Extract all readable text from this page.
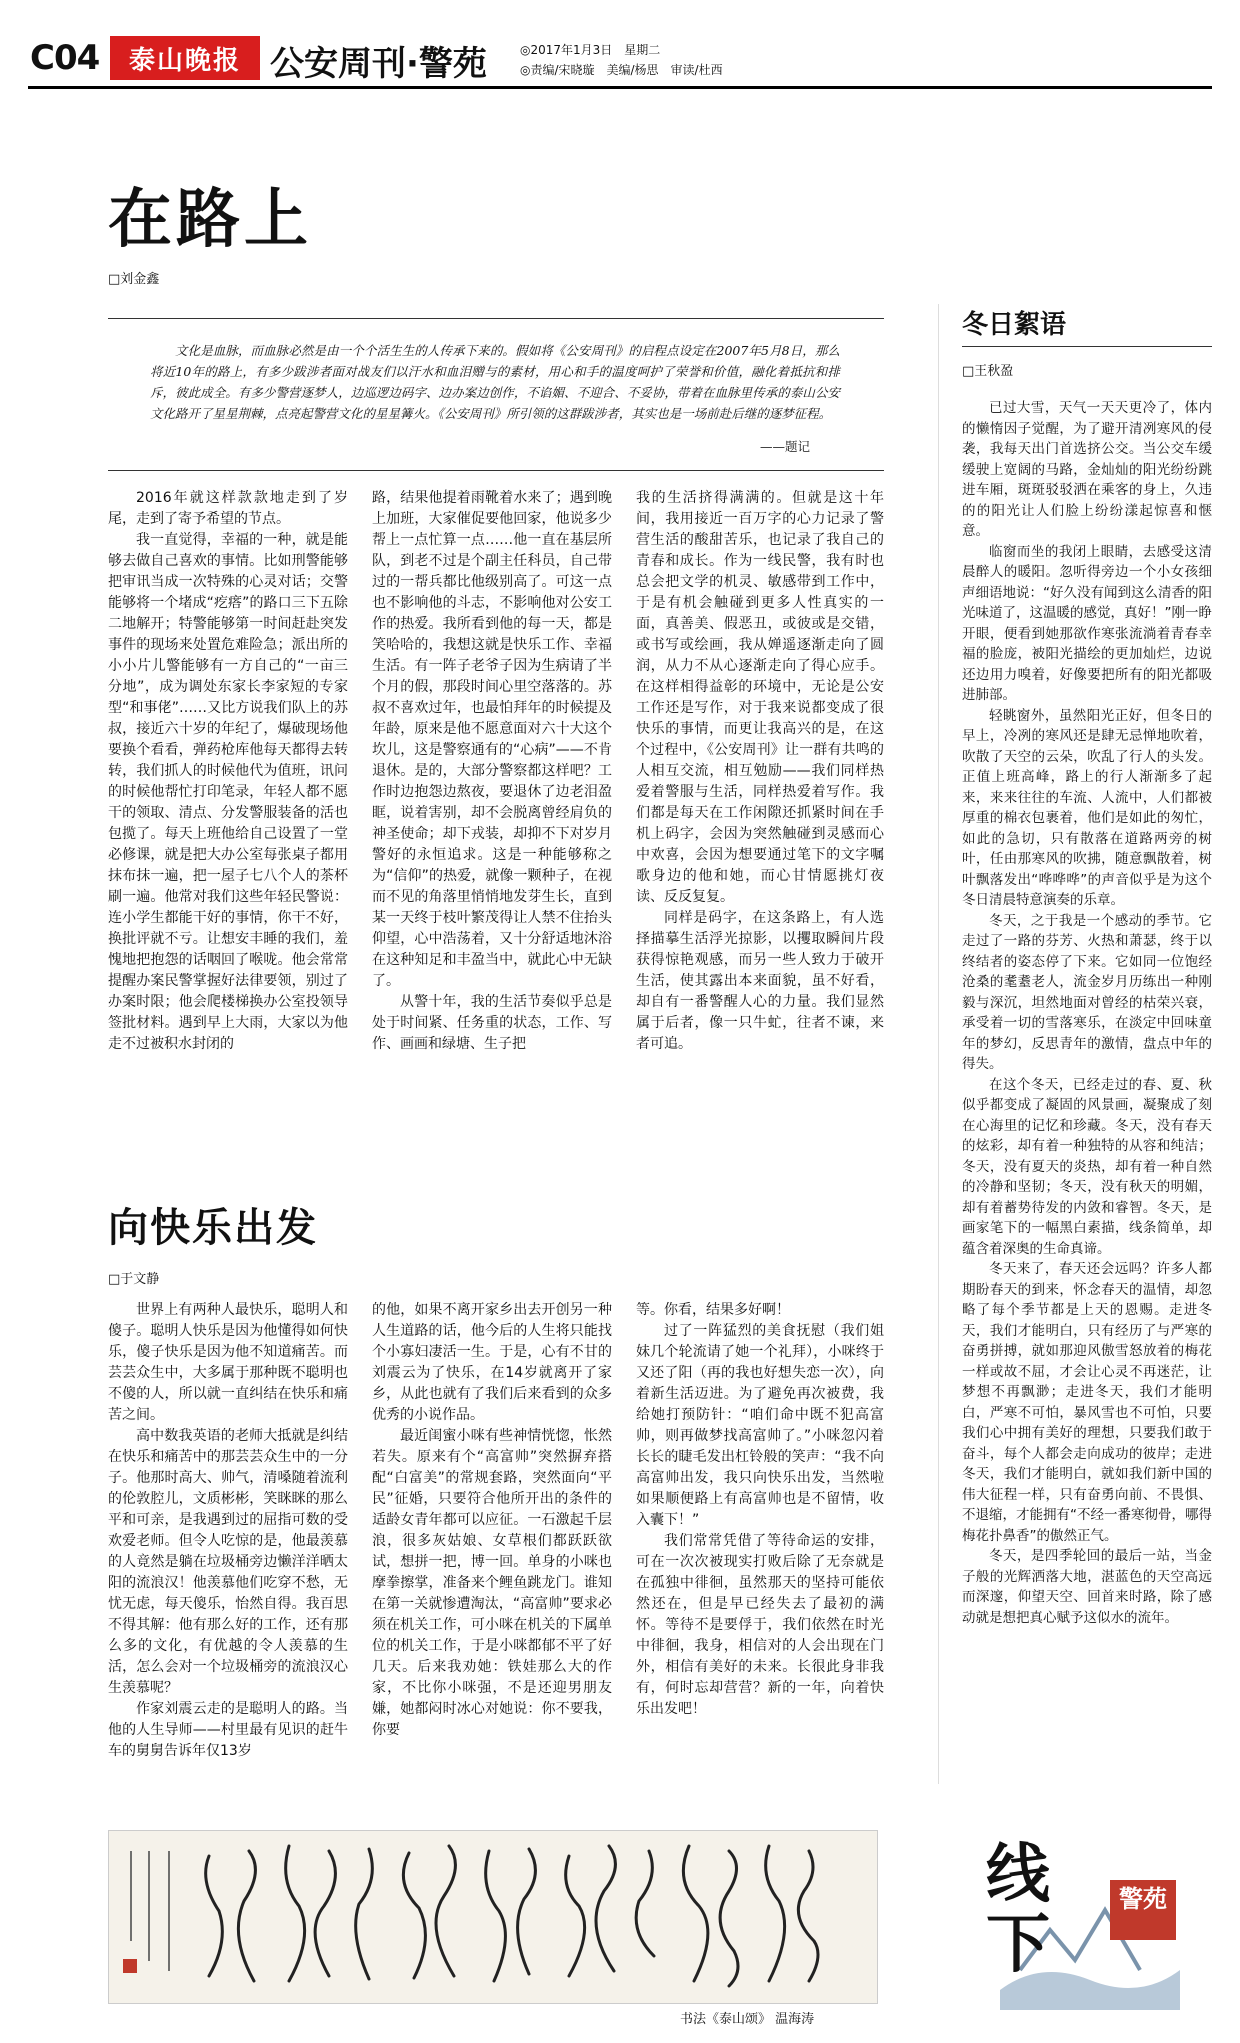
C04	泰山晚报 公安周刊·警苑	◎2017年1月3日　星期二
◎责编/宋晓璇　美编/杨思　审读/杜西
在路上
□刘金鑫
文化是血脉，而血脉必然是由一个个活生生的人传承下来的。假如将《公安周刊》的启程点设定在2007年5月8日，那么将近10年的路上，有多少跋涉者面对战友们以汗水和血泪赠与的素材，用心和手的温度呵护了荣誉和价值，融化着抵抗和排斥，彼此成全。有多少警营逐梦人，边巡逻边码字、边办案边创作，不谄媚、不迎合、不妥协，带着在血脉里传承的泰山公安文化路开了星星荆棘，点亮起警营文化的星星篝火。《公安周刊》所引领的这群跋涉者，其实也是一场前赴后继的逐梦征程。
——题记

2016年就这样款款地走到了岁尾，走到了寄予希望的节点。

我一直觉得，幸福的一种，就是能够去做自己喜欢的事情。比如刑警能够把审讯当成一次特殊的心灵对话；交警能够将一个堵成“疙瘩”的路口三下五除二地解开；特警能够第一时间赶赴突发事件的现场来处置危难险急；派出所的小小片儿警能够有一方自己的“一亩三分地”，成为调处东家长李家短的专家型“和事佬”……又比方说我们队上的苏叔，接近六十岁的年纪了，爆破现场他要换个看看，弹药枪库他每天都得去转转，我们抓人的时候他代为值班，讯问的时候他帮忙打印笔录，年轻人都不愿干的领取、清点、分发警服装备的活也包揽了。每天上班他给自己设置了一堂必修课，就是把大办公室每张桌子都用抹布抹一遍，把一屋子七八个人的茶杯刷一遍。他常对我们这些年轻民警说：连小学生都能干好的事情，你干不好，换批评就不亏。让想安丰睡的我们，羞愧地把抱怨的话咽回了喉咙。他会常常提醒办案民警掌握好法律要领，别过了办案时限；他会爬楼梯换办公室投领导签批材料。遇到早上大雨，大家以为他走不过被积水封闭的

路，结果他提着雨靴着水来了；遇到晚上加班，大家催促要他回家，他说多少帮上一点忙算一点……他一直在基层所队，到老不过是个副主任科员，自己带过的一帮兵都比他级别高了。可这一点也不影响他的斗志，不影响他对公安工作的热爱。我所看到他的每一天，都是笑哈哈的，我想这就是快乐工作、幸福生活。有一阵子老爷子因为生病请了半个月的假，那段时间心里空落落的。苏叔不喜欢过年，也最怕拜年的时候提及年龄，原来是他不愿意面对六十大这个坎儿，这是警察通有的“心病”——不肯退休。是的，大部分警察都这样吧？工作时边抱怨边熬夜，要退休了边老泪盈眶，说着害别，却不会脱离曾经肩负的神圣使命；却下戎装，却抑不下对岁月警好的永恒追求。这是一种能够称之为“信仰”的热爱，就像一颗种子，在视而不见的角落里悄悄地发芽生长，直到某一天终于枝叶繁茂得让人禁不住抬头仰望，心中浩荡着，又十分舒适地沐浴在这种知足和丰盈当中，就此心中无缺了。

从警十年，我的生活节奏似乎总是处于时间紧、任务重的状态，工作、写作、画画和绿塘、生子把

我的生活挤得满满的。但就是这十年间，我用接近一百万字的心力记录了警营生活的酸甜苦乐，也记录了我自己的青春和成长。作为一线民警，我有时也总会把文学的机灵、敏感带到工作中，于是有机会触碰到更多人性真实的一面，真善美、假恶丑，或彼或是交错，或书写或绘画，我从婵遥逐渐走向了圆润，从力不从心逐渐走向了得心应手。在这样相得益彰的环境中，无论是公安工作还是写作，对于我来说都变成了很快乐的事情，而更让我高兴的是，在这个过程中，《公安周刊》让一群有共鸣的人相互交流，相互勉励——我们同样热爱着警服与生活，同样热爱着写作。我们都是每天在工作闲隙还抓紧时间在手机上码字，会因为突然触碰到灵感而心中欢喜，会因为想要通过笔下的文字嘱歌身边的他和她，而心甘情愿挑灯夜读、反反复复。

同样是码字，在这条路上，有人选择描摹生活浮光掠影，以攫取瞬间片段获得惊艳观感，而另一些人致力于破开生活，使其露出本来面貌，虽不好看，却自有一番警醒人心的力量。我们显然属于后者，像一只牛虻，往者不谏，来者可追。

冬日絮语
□王秋盈

已过大雪，天气一天天更冷了，体内的懒惰因子觉醒，为了避开清冽寒风的侵袭，我每天出门首选挤公交。当公交车缓缓驶上宽阔的马路，金灿灿的阳光纷纷跳进车厢，斑斑驳驳洒在乘客的身上，久违的的阳光让人们脸上纷纷漾起惊喜和惬意。

临窗而坐的我闭上眼睛，去感受这清晨醉人的暖阳。忽听得旁边一个小女孩细声细语地说：“好久没有闻到这么清香的阳光味道了，这温暖的感觉，真好！”刚一睁开眼，便看到她那欲作寒张流淌着青春幸福的脸庞，被阳光描绘的更加灿烂，边说还边用力嗅着，好像要把所有的阳光都吸进肺部。

轻眺窗外，虽然阳光正好，但冬日的早上，冷冽的寒风还是肆无忌惮地吹着，吹散了天空的云朵，吹乱了行人的头发。正值上班高峰，路上的行人渐渐多了起来，来来往往的车流、人流中，人们都被厚重的棉衣包裹着，他们是如此的匆忙，如此的急切，只有散落在道路两旁的树叶，任由那寒风的吹拂，随意飘散着，树叶飘落发出“哗哗哗”的声音似乎是为这个冬日清晨特意演奏的乐章。

冬天，之于我是一个感动的季节。它走过了一路的芬芳、火热和萧瑟，终于以终结者的姿态停了下来。它如同一位饱经沧桑的耄耋老人，流金岁月历练出一种刚毅与深沉，坦然地面对曾经的枯荣兴衰，承受着一切的雪落寒乐，在淡定中回味童年的梦幻，反思青年的激情，盘点中年的得失。

在这个冬天，已经走过的春、夏、秋似乎都变成了凝固的风景画，凝聚成了刻在心海里的记忆和珍藏。冬天，没有春天的炫彩，却有着一种独特的从容和纯洁；冬天，没有夏天的炎热，却有着一种自然的冷静和坚韧；冬天，没有秋天的明媚，却有着蓄势待发的内敛和睿智。冬天，是画家笔下的一幅黑白素描，线条简单，却蕴含着深奥的生命真谛。

冬天来了，春天还会远吗？许多人都期盼春天的到来，怀念春天的温情，却忽略了每个季节都是上天的恩赐。走进冬天，我们才能明白，只有经历了与严寒的奋勇拼搏，就如那迎风傲雪怒放着的梅花一样或故不屈，才会让心灵不再迷茫，让梦想不再飘渺；走进冬天，我们才能明白，严寒不可怕，暴风雪也不可怕，只要我们心中拥有美好的理想，只要我们敢于奋斗，每个人都会走向成功的彼岸；走进冬天，我们才能明白，就如我们新中国的伟大征程一样，只有奋勇向前、不畏惧、不退缩，才能拥有“不经一番寒彻骨，哪得梅花扑鼻香”的傲然正气。

冬天，是四季轮回的最后一站，当金子般的光辉洒落大地，湛蓝色的天空高远而深邃，仰望天空、回首来时路，除了感动就是想把真心赋予这似水的流年。

向快乐出发
□于文静

世界上有两种人最快乐，聪明人和傻子。聪明人快乐是因为他懂得如何快乐，傻子快乐是因为他不知道痛苦。而芸芸众生中，大多属于那种既不聪明也不傻的人，所以就一直纠结在快乐和痛苦之间。

高中数我英语的老师大抵就是纠结在快乐和痛苦中的那芸芸众生中的一分子。他那时高大、帅气，清嗓随着流利的伦敦腔儿，文质彬彬，笑眯眯的那么平和可亲，是我遇到过的屈指可数的受欢爱老师。但令人吃惊的是，他最羡慕的人竟然是躺在垃圾桶旁边懒洋洋晒太阳的流浪汉！他羡慕他们吃穿不愁，无忧无虑，每天傻乐，怡然自得。我百思不得其解：他有那么好的工作，还有那么多的文化，有优越的令人羡慕的生活，怎么会对一个垃圾桶旁的流浪汉心生羡慕呢？

作家刘震云走的是聪明人的路。当他的人生导师——村里最有见识的赶牛车的舅舅告诉年仅13岁

的他，如果不离开家乡出去开创另一种人生道路的话，他今后的人生将只能找个小寡妇凄活一生。于是，心有不甘的刘震云为了快乐，在14岁就离开了家乡，从此也就有了我们后来看到的众多优秀的小说作品。

最近闺蜜小咪有些神情恍惚，怅然若失。原来有个“高富帅”突然摒弃搭配“白富美”的常规套路，突然面向“平民”征婚，只要符合他所开出的条件的适龄女青年都可以应征。一石激起千层浪，很多灰姑娘、女草根们都跃跃欲试，想拼一把，博一回。单身的小咪也摩拳擦掌，准备来个鲤鱼跳龙门。谁知在第一关就惨遭淘汰，“高富帅”要求必须在机关工作，可小咪在机关的下属单位的机关工作，于是小咪都郁不平了好几天。后来我劝她：铁娃那么大的作家，不比你小咪强，不是还迎男朋友嫌，她都闷时冰心对她说：你不要我，你要

等。你看，结果多好啊！

过了一阵猛烈的美食抚慰（我们姐妹几个轮流请了她一个礼拜），小咪终于又还了阳（再的我也好想失恋一次），向着新生活迈进。为了避免再次被费，我给她打预防针：“咱们命中既不犯高富帅，则再做梦找高富帅了。”小咪忽闪着长长的睫毛发出杠铃般的笑声：“我不向高富帅出发，我只向快乐出发，当然啦如果顺便路上有高富帅也是不留情，收入囊下！”

我们常常凭借了等待命运的安排，可在一次次被现实打败后除了无奈就是在孤独中徘徊，虽然那天的坚持可能依然还在，但是早已经失去了最初的满怀。等待不是要俘于，我们依然在时光中徘徊，我身，相信对的人会出现在门外，相信有美好的未来。长很此身非我有，何时忘却营营？新的一年，向着快乐出发吧！

书法《泰山颂》 温海涛
线下
警苑
